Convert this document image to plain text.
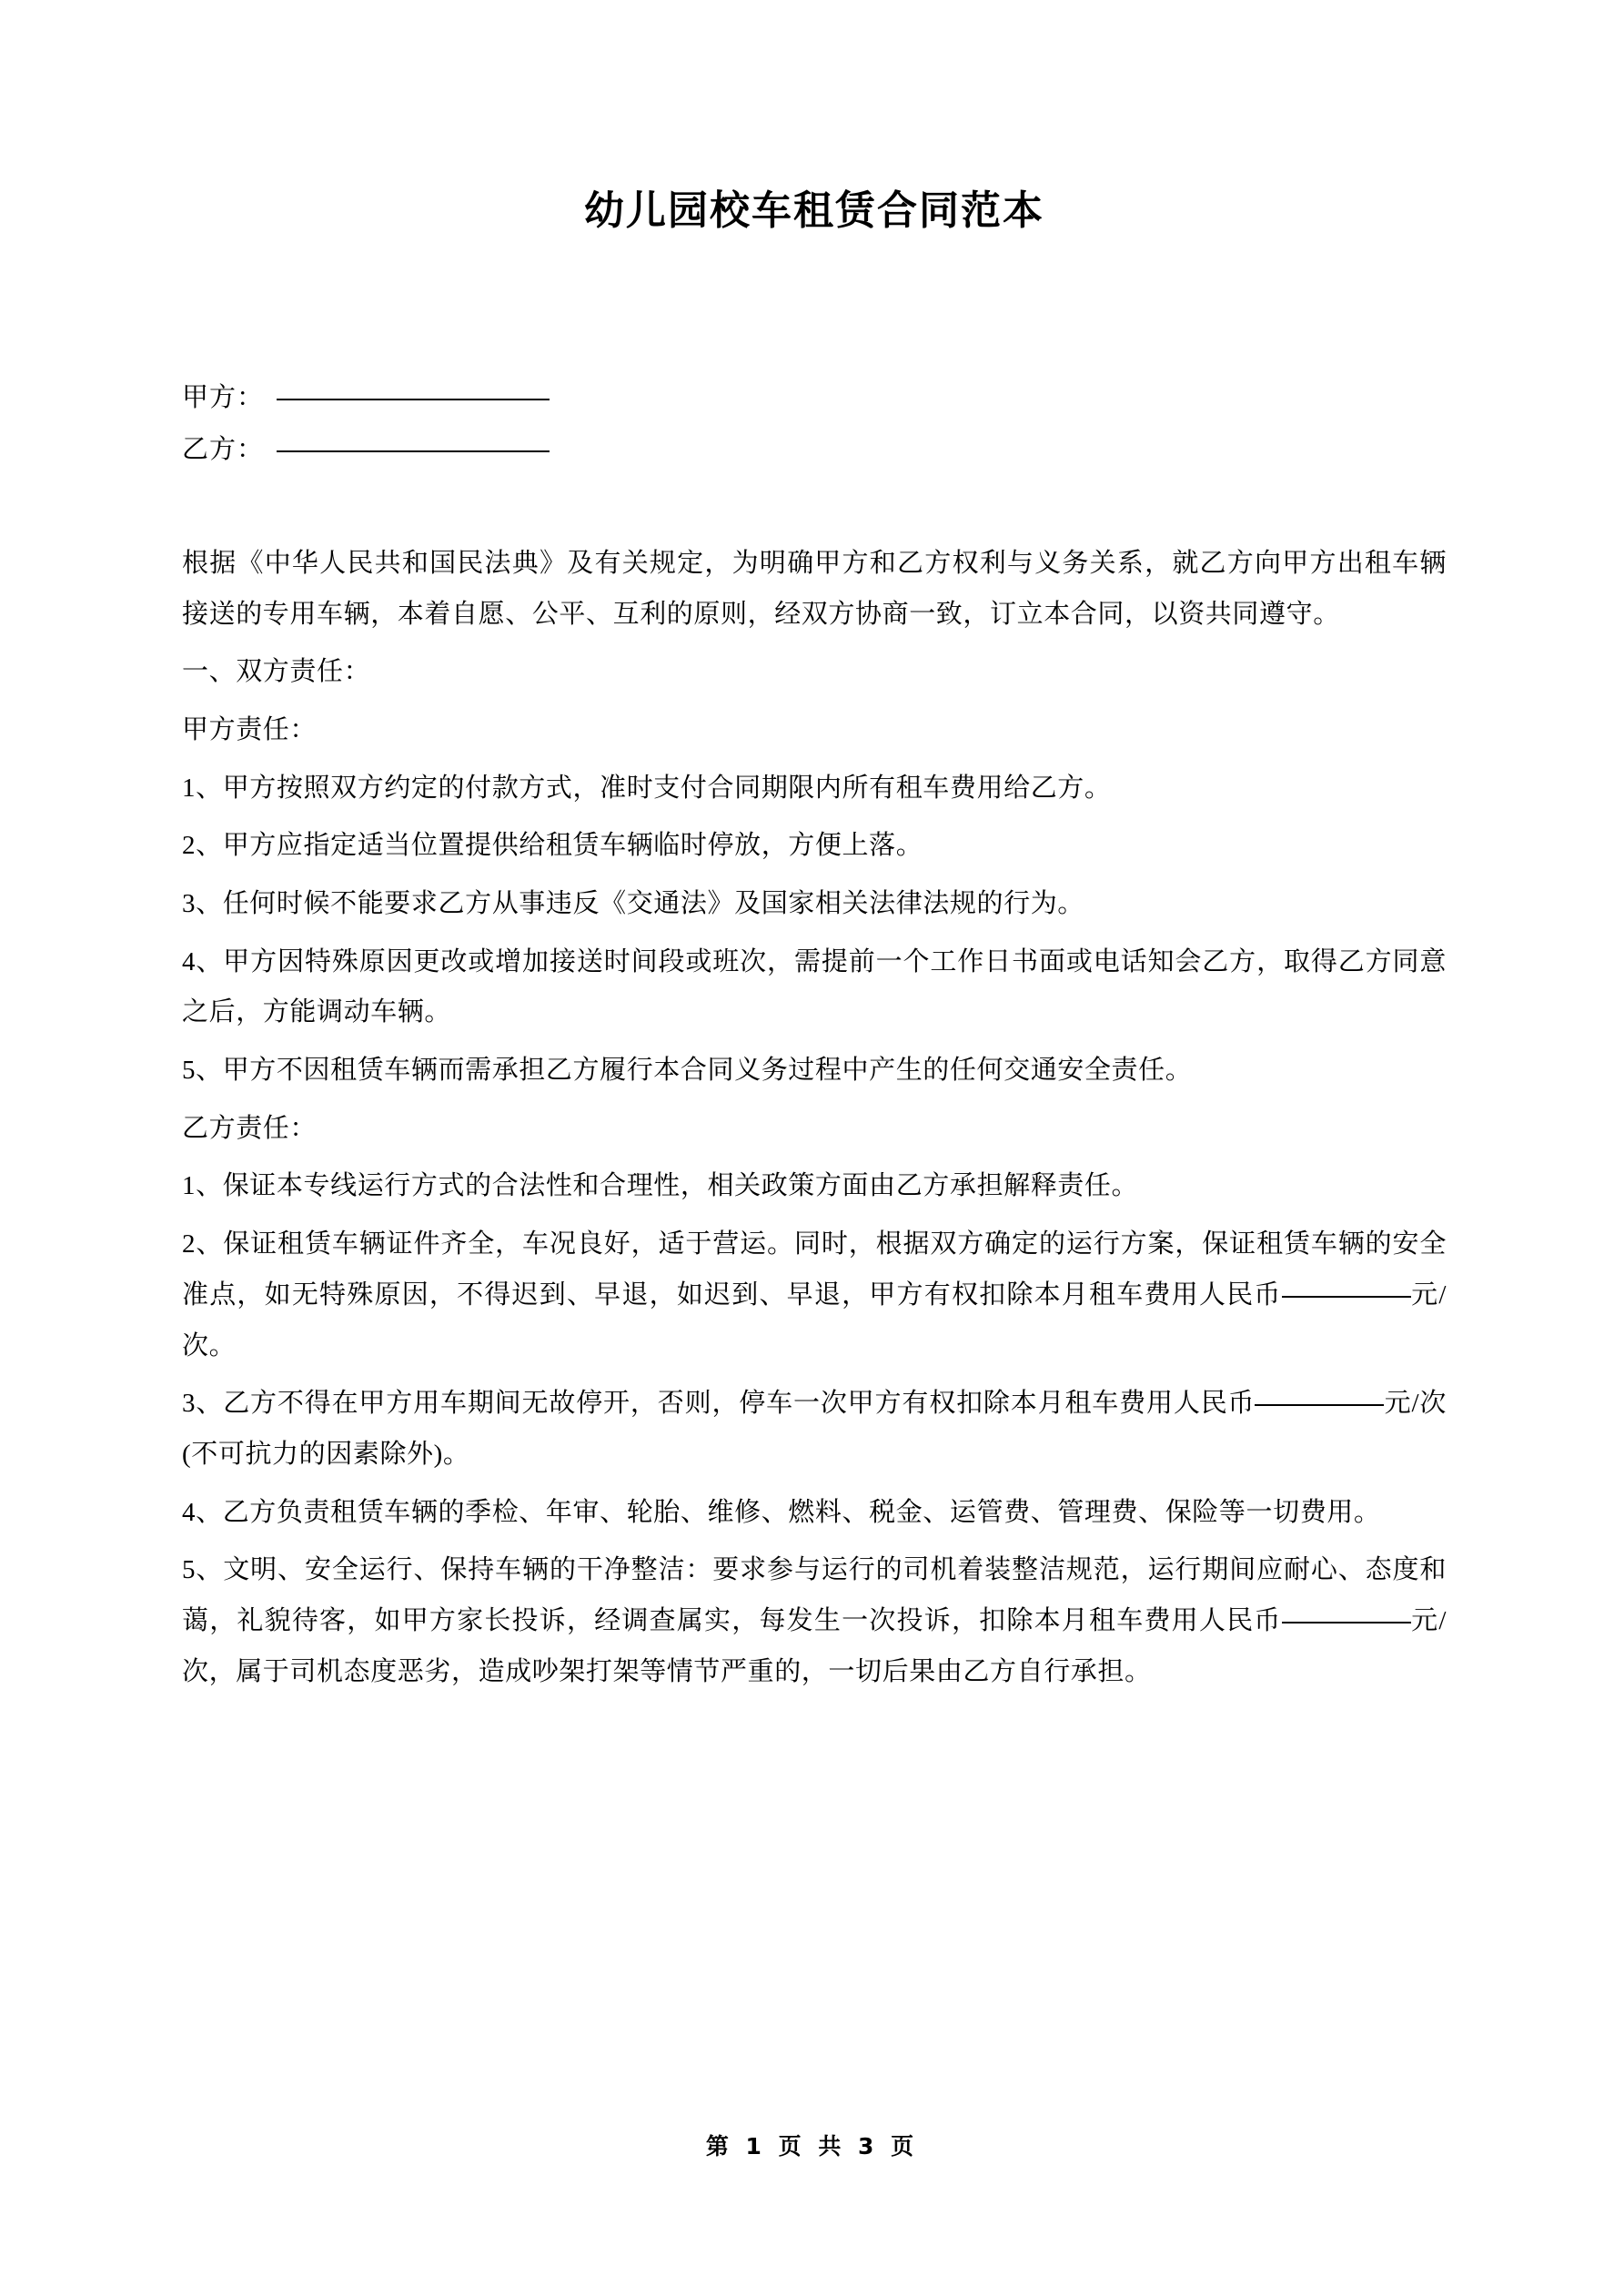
幼儿园校车租赁合同范本
甲方：
乙方：

根据《中华人民共和国民法典》及有关规定，为明确甲方和乙方权利与义务关系，就乙方向甲方出租车辆接送的专用车辆，本着自愿、公平、互利的原则，经双方协商一致，订立本合同，以资共同遵守。

一、双方责任：

甲方责任：

1、甲方按照双方约定的付款方式，准时支付合同期限内所有租车费用给乙方。

2、甲方应指定适当位置提供给租赁车辆临时停放，方便上落。

3、任何时候不能要求乙方从事违反《交通法》及国家相关法律法规的行为。

4、甲方因特殊原因更改或增加接送时间段或班次，需提前一个工作日书面或电话知会乙方，取得乙方同意之后，方能调动车辆。

5、甲方不因租赁车辆而需承担乙方履行本合同义务过程中产生的任何交通安全责任。

乙方责任：

1、保证本专线运行方式的合法性和合理性，相关政策方面由乙方承担解释责任。

2、保证租赁车辆证件齐全，车况良好，适于营运。同时，根据双方确定的运行方案，保证租赁车辆的安全准点，如无特殊原因，不得迟到、早退，如迟到、早退，甲方有权扣除本月租车费用人民币	元/次。

3、乙方不得在甲方用车期间无故停开，否则，停车一次甲方有权扣除本月租车费用人民币	元/次(不可抗力的因素除外)。

4、乙方负责租赁车辆的季检、年审、轮胎、维修、燃料、税金、运管费、管理费、保险等一切费用。

5、文明、安全运行、保持车辆的干净整洁：要求参与运行的司机着装整洁规范，运行期间应耐心、态度和蔼，礼貌待客，如甲方家长投诉，经调查属实，每发生一次投诉，扣除本月租车费用人民币	元/次，属于司机态度恶劣，造成吵架打架等情节严重的，一切后果由乙方自行承担。

第 1 页 共 3 页
